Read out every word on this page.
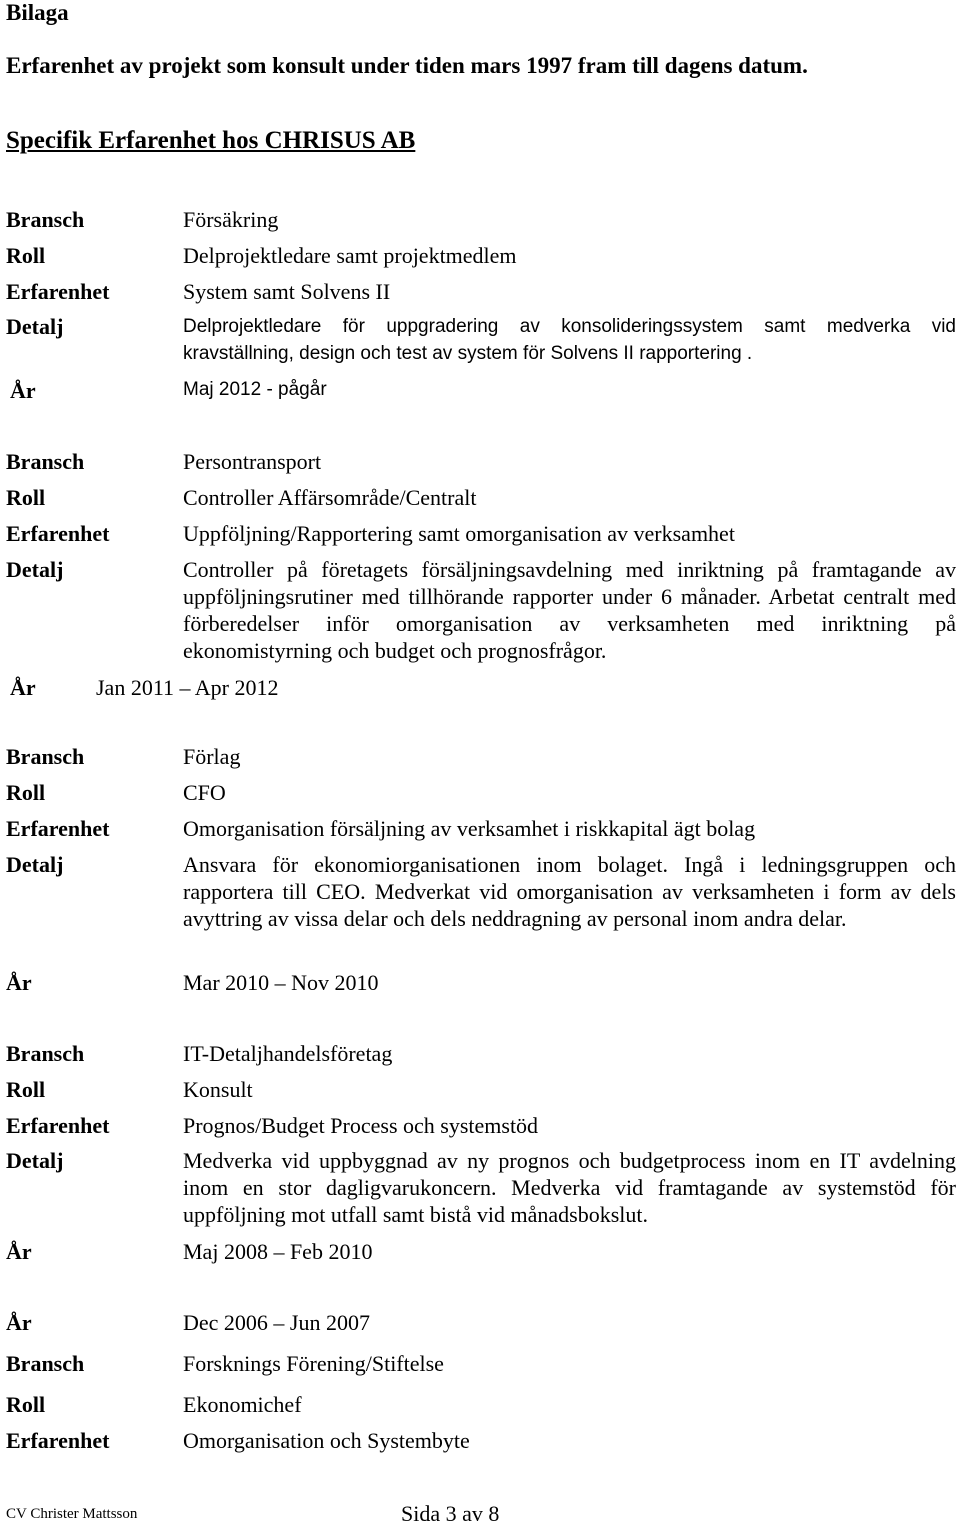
Bilaga
Erfarenhet av projekt som konsult under tiden mars 1997 fram till dagens datum.
Specifik Erfarenhet hos CHRISUS AB
Bransch
Roll
Erfarenhet
Detalj
År
Försäkring
Delprojektledare samt projektmedlem
System samt Solvens II
Delprojektledare för uppgradering av konsolideringssystem samt medverka vid kravställning, design och test av system för Solvens II rapportering .
Maj 2012 - pågår
Bransch
Roll
Erfarenhet
Detalj
År
Persontransport
Controller Affärsområde/Centralt
Uppföljning/Rapportering samt omorganisation av verksamhet
Controller på företagets försäljningsavdelning med inriktning på framtagande av uppföljningsrutiner med tillhörande rapporter under 6 månader. Arbetat centralt med förberedelser inför omorganisation av verksamheten med inriktning på ekonomistyrning och budget och prognosfrågor.
Jan 2011 – Apr 2012
Bransch
Roll
Erfarenhet
Detalj
År
Förlag
CFO
Omorganisation försäljning av verksamhet i riskkapital ägt bolag
Ansvara för ekonomiorganisationen inom bolaget. Ingå i ledningsgruppen och rapportera till CEO. Medverkat vid omorganisation av verksamheten i form av dels avyttring av vissa delar och dels neddragning av personal inom andra delar.
Mar 2010 – Nov 2010
Bransch
Roll
Erfarenhet
Detalj
År
IT-Detaljhandelsföretag
Konsult
Prognos/Budget Process och systemstöd
Medverka vid uppbyggnad av ny prognos och budgetprocess inom en IT avdelning inom en stor dagligvarukoncern. Medverka vid framtagande av systemstöd för uppföljning mot utfall samt bistå vid månadsbokslut.
Maj 2008 – Feb 2010
År
Bransch
Roll
Erfarenhet
Dec 2006 – Jun 2007
Forsknings Förening/Stiftelse
Ekonomichef
Omorganisation och Systembyte
CV Christer Mattsson	Sida 3 av 8
